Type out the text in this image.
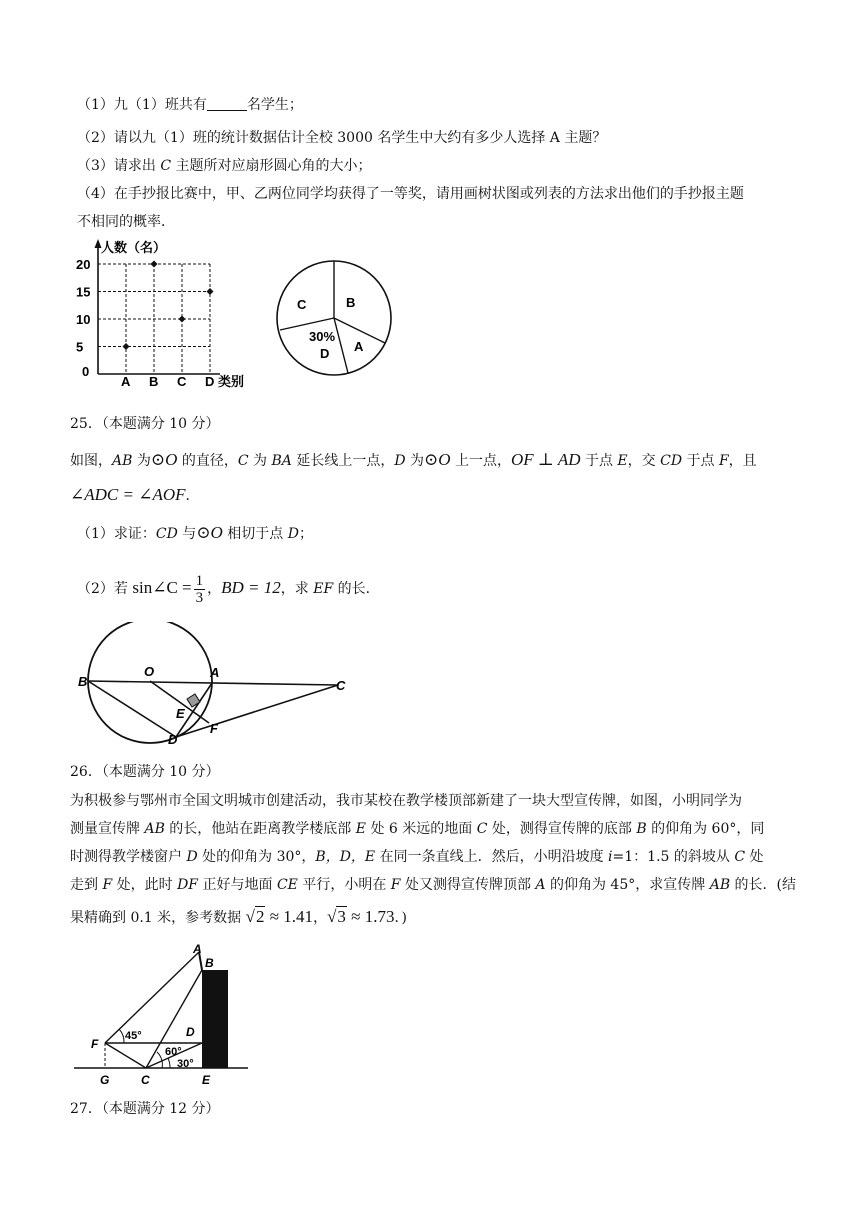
（1）九（1）班共有	名学生；
（2）请以九（1）班的统计数据估计全校 3000 名学生中大约有多少人选择 A 主题？
（3）请求出 C 主题所对应扇形圆心角的大小；
（4）在手抄报比赛中，甲、乙两位同学均获得了一等奖，请用画树状图或列表的方法求出他们的手抄报主题
不相同的概率．
人数（名）
类别
0
5
10
15
20
A B C D
B
A
30%
D
C
25．（本题满分 10 分）
如图，AB 为⊙O 的直径，C 为 BA 延长线上一点，D 为⊙O 上一点，OF ⊥ AD 于点 E，交 CD 于点 F，且
∠ADC = ∠AOF．
（1）求证：CD 与⊙O 相切于点 D；
（2）若 sin∠C = $\frac{1}{3}$ ，BD = 12，求 EF 的长．
B
O	A
C
E
D
F
26．（本题满分 10 分）
为积极参与鄂州市全国文明城市创建活动，我市某校在教学楼顶部新建了一块大型宣传牌，如图，小明同学为
测量宣传牌 AB 的长，他站在距离教学楼底部 E 处 6 米远的地面 C 处，测得宣传牌的底部 B 的仰角为 60°，同
时测得教学楼窗户 D 处的仰角为 30°，B，D，E 在同一条直线上．然后，小明沿坡度 i=1：1.5 的斜坡从 C 处
走到 F 处，此时 DF 正好与地面 CE 平行，小明在 F 处又测得宣传牌顶部 A 的仰角为 45°，求宣传牌 AB 的长．(结
果精确到 0.1 米，参考数据 √2 ≈ 1.41，√3 ≈ 1.73．)
A
B
D
F
G	C	E
45°
60°
30°
27．（本题满分 12 分）
